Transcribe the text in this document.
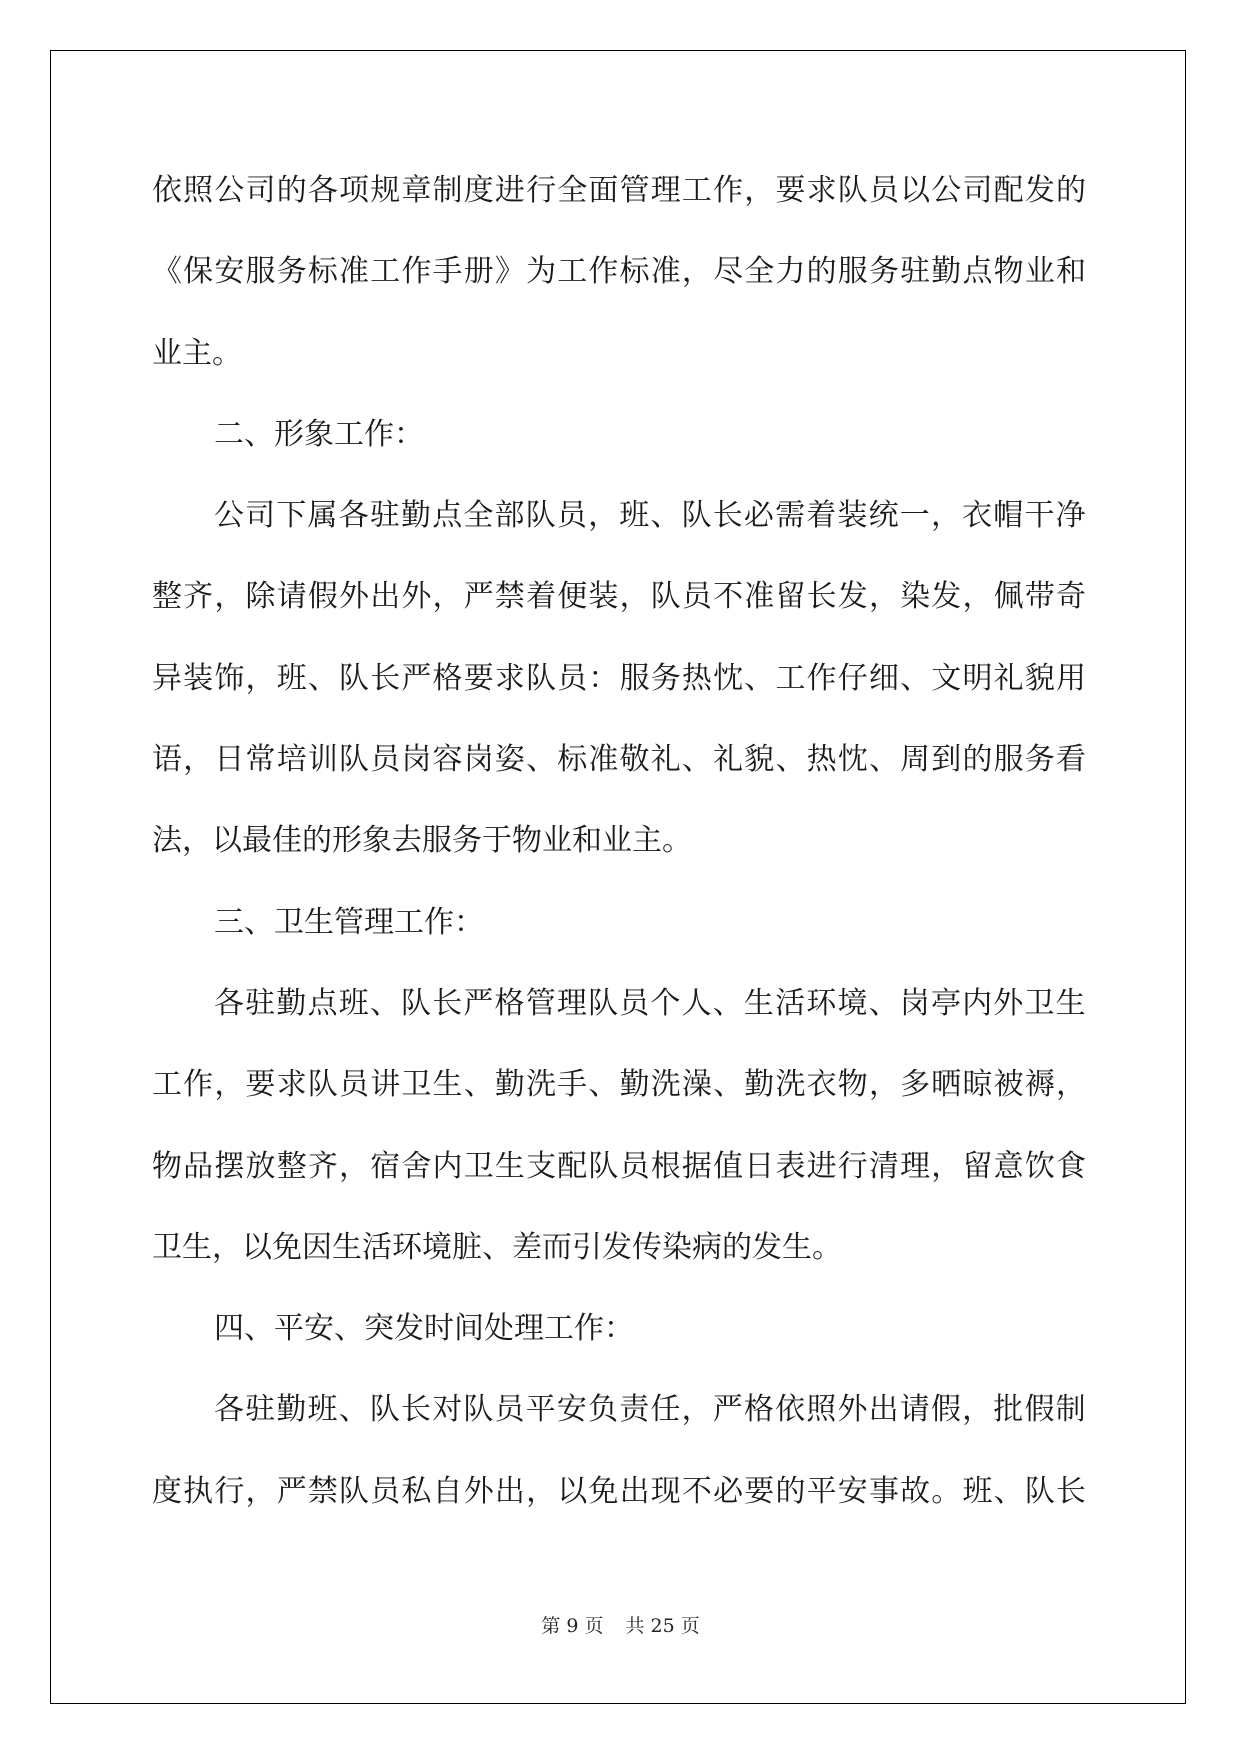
依 照 公 司 的 各 项 规 章 制 度 进 行 全 面 管 理 工 作 ， 要 求 队 员 以 公 司 配 发 的
《 保 安 服 务 标 准 工 作 手 册 》 为 工 作 标 准 ， 尽 全 力 的 服 务 驻 勤 点 物 业 和
业主。
二、形象工作：
公 司 下 属 各 驻 勤 点 全 部 队 员 ， 班 、 队 长 必 需 着 装 统 一 ， 衣 帽 干 净
整 齐 ， 除 请 假 外 出 外 ， 严 禁 着 便 装 ， 队 员 不 准 留 长 发 ， 染 发 ， 佩 带 奇
异 装 饰 ， 班 、 队 长 严 格 要 求 队 员 ： 服 务 热 忱 、 工 作 仔 细 、 文 明 礼 貌 用
语 ， 日 常 培 训 队 员 岗 容 岗 姿 、 标 准 敬 礼 、 礼 貌 、 热 忱 、 周 到 的 服 务 看
法，以最佳的形象去服务于物业和业主。
三、卫生管理工作：
各 驻 勤 点 班 、 队 长 严 格 管 理 队 员 个 人 、 生 活 环 境 、 岗 亭 内 外 卫 生
工 作 ， 要 求 队 员 讲 卫 生 、 勤 洗 手 、 勤 洗 澡 、 勤 洗 衣 物 ， 多 晒 晾 被 褥 ，
物 品 摆 放 整 齐 ， 宿 舍 内 卫 生 支 配 队 员 根 据 值 日 表 进 行 清 理 ， 留 意 饮 食
卫生，以免因生活环境脏、差而引发传染病的发生。
四、平安、突发时间处理工作：
各 驻 勤 班 、 队 长 对 队 员 平 安 负 责 任 ， 严 格 依 照 外 出 请 假 ， 批 假 制
度 执 行 ， 严 禁 队 员 私 自 外 出 ， 以 免 出 现 不 必 要 的 平 安 事 故 。 班 、 队 长
第 9 页 共 25 页
